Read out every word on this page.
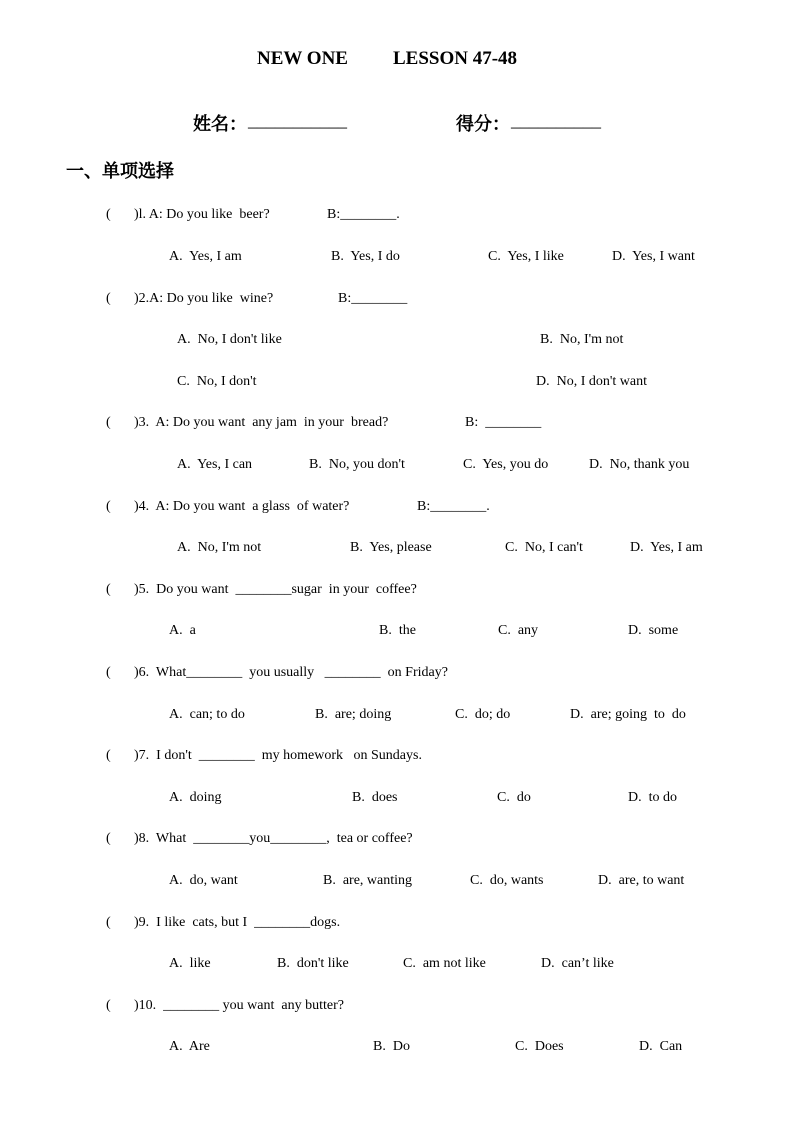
NEW ONE LESSON 47-48
姓名： ___________	得分： __________
一、单项选择
( )l. A: Do you like  beer?	B:________.
A.  Yes, I am	B.  Yes, I do	C.  Yes, I like	D.  Yes, I want
( )2.A: Do you like  wine?	B:________
A.  No, I don't like	B.  No, I'm not
C.  No, I don't	D.  No, I don't want
( )3.  A: Do you want  any jam  in your  bread?	B:  ________
A.  Yes, I can	B.  No, you don't	C.  Yes, you do	D.  No, thank you
( )4.  A: Do you want  a glass  of water?	B:________.
A.  No, I'm not	B.  Yes, please	C.  No, I can't	D.  Yes, I am
( )5.  Do you want  ________sugar  in your  coffee?
A.  a	B.  the	C.  any	D.  some
( )6.  What________  you usually   ________  on Friday?
A.  can; to do	B.  are; doing	C.  do; do	D.  are; going  to  do
( )7.  I don't  ________  my homework   on Sundays.
A.  doing	B.  does	C.  do	D.  to do
( )8.  What  ________you________,  tea or coffee?
A.  do, want	B.  are, wanting	C.  do, wants	D.  are, to want
( )9.  I like  cats, but I  ________dogs.
A.  like	B.  don't like	C.  am not like	D.  can’t like
( )10.  ________ you want  any butter?
A.  Are	B.  Do	C.  Does	D.  Can
